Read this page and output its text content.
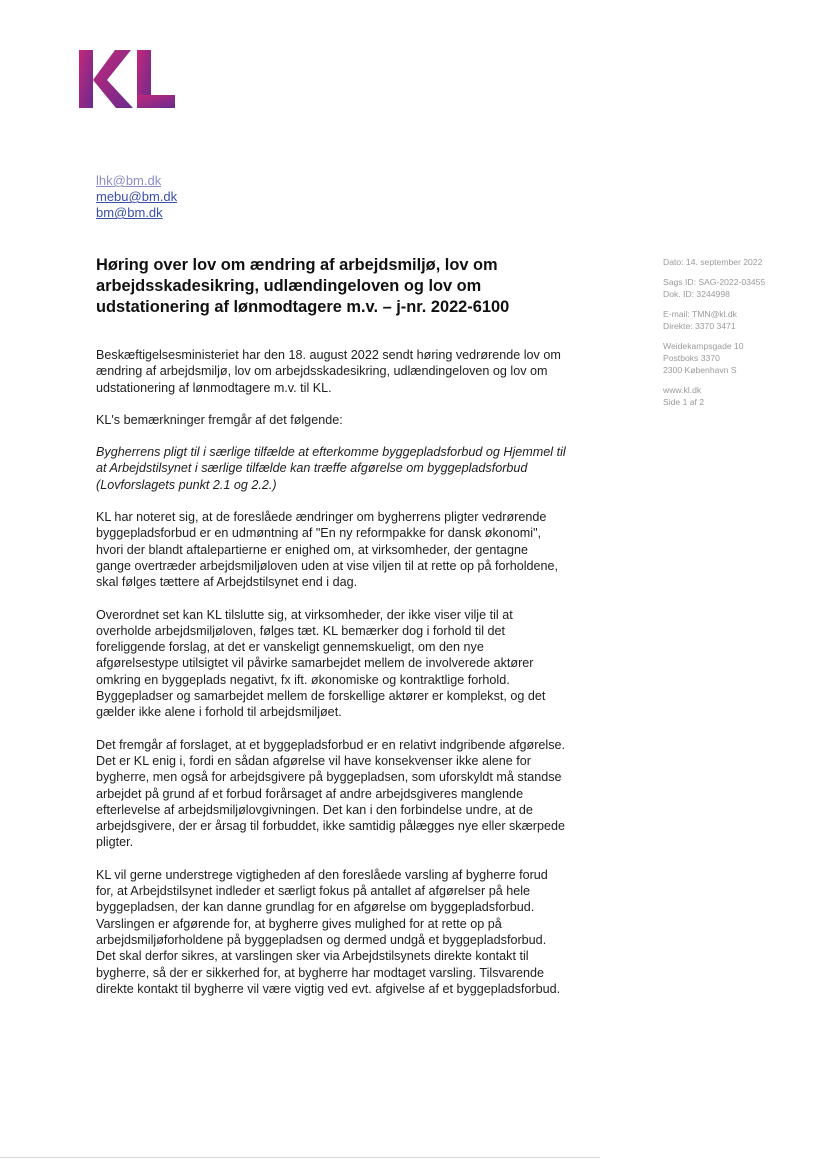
lhk@bm.dk
mebu@bm.dk
bm@bm.dk
Høring over lov om ændring af arbejdsmiljø, lov om arbejdsskadesikring, udlændingeloven og lov om udstationering af lønmodtagere m.v. – j-nr. 2022-6100
Dato: 14. september 2022
Sags ID: SAG-2022-03455
Dok. ID: 3244998
E-mail: TMN@kl.dk
Direkte: 3370 3471
Weidekampsgade 10
Postboks 3370
2300 København S
www.kl.dk
Side 1 af 2

Beskæftigelsesministeriet har den 18. august 2022 sendt høring vedrørende lov om ændring af arbejdsmiljø, lov om arbejdsskadesikring, udlændingeloven og lov om udstationering af lønmodtagere m.v. til KL.

KL's bemærkninger fremgår af det følgende:

Bygherrens pligt til i særlige tilfælde at efterkomme byggepladsforbud og Hjemmel til at Arbejdstilsynet i særlige tilfælde kan træffe afgørelse om byggepladsforbud (Lovforslagets punkt 2.1 og 2.2.)

KL har noteret sig, at de foreslåede ændringer om bygherrens pligter vedrørende byggepladsforbud er en udmøntning af "En ny reformpakke for dansk økonomi", hvori der blandt aftalepartierne er enighed om, at virksomheder, der gentagne gange overtræder arbejdsmiljøloven uden at vise viljen til at rette op på forholdene, skal følges tættere af Arbejdstilsynet end i dag.

Overordnet set kan KL tilslutte sig, at virksomheder, der ikke viser vilje til at overholde arbejdsmiljøloven, følges tæt. KL bemærker dog i forhold til det foreliggende forslag, at det er vanskeligt gennemskueligt, om den nye afgørelsestype utilsigtet vil påvirke samarbejdet mellem de involverede aktører omkring en byggeplads negativt, fx ift. økonomiske og kontraktlige forhold. Byggepladser og samarbejdet mellem de forskellige aktører er komplekst, og det gælder ikke alene i forhold til arbejdsmiljøet.

Det fremgår af forslaget, at et byggepladsforbud er en relativt indgribende afgørelse. Det er KL enig i, fordi en sådan afgørelse vil have konsekvenser ikke alene for bygherre, men også for arbejdsgivere på byggepladsen, som uforskyldt må standse arbejdet på grund af et forbud forårsaget af andre arbejdsgiveres manglende efterlevelse af arbejdsmiljølovgivningen. Det kan i den forbindelse undre, at de arbejdsgivere, der er årsag til forbuddet, ikke samtidig pålægges nye eller skærpede pligter.

KL vil gerne understrege vigtigheden af den foreslåede varsling af bygherre forud for, at Arbejdstilsynet indleder et særligt fokus på antallet af afgørelser på hele byggepladsen, der kan danne grundlag for en afgørelse om byggepladsforbud. Varslingen er afgørende for, at bygherre gives mulighed for at rette op på arbejdsmiljøforholdene på byggepladsen og dermed undgå et byggepladsforbud. Det skal derfor sikres, at varslingen sker via Arbejdstilsynets direkte kontakt til bygherre, så der er sikkerhed for, at bygherre har modtaget varsling. Tilsvarende direkte kontakt til bygherre vil være vigtig ved evt. afgivelse af et byggepladsforbud.
